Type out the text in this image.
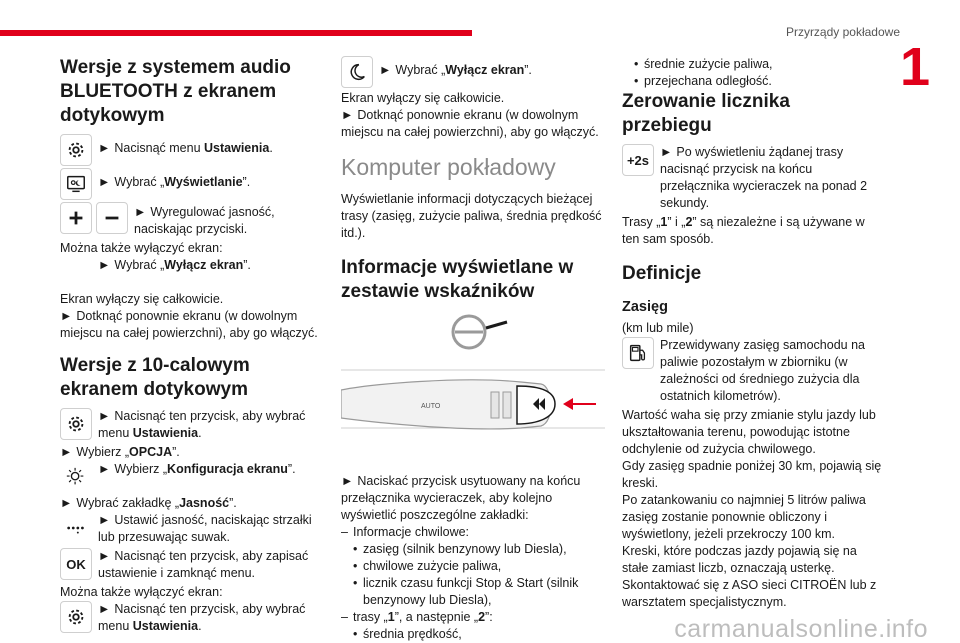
Przyrządy pokładowe
1
Wersje z systemem audio BLUETOOTH z ekranem dotykowym

► Nacisnąć menu Ustawienia.

► Wybrać „Wyświetlanie”.

► Wyregulować jasność, naciskając przyciski.

Można także wyłączyć ekran:

► Wybrać „Wyłącz ekran”.

Ekran wyłączy się całkowicie.
► Dotknąć ponownie ekranu (w dowolnym miejscu na całej powierzchni), aby go włączyć.

Wersje z 10-calowym ekranem dotykowym

► Nacisnąć ten przycisk, aby wybrać menu Ustawienia.

► Wybierz „OPCJA”.

► Wybierz „Konfiguracja ekranu”.

► Wybrać zakładkę „Jasność”.

► Ustawić jasność, naciskając strzałki lub przesuwając suwak.

OK

► Nacisnąć ten przycisk, aby zapisać ustawienie i zamknąć menu.

Można także wyłączyć ekran:

► Nacisnąć ten przycisk, aby wybrać menu Ustawienia.

► Wybrać „Wyłącz ekran”.

Ekran wyłączy się całkowicie.
► Dotknąć ponownie ekranu (w dowolnym miejscu na całej powierzchni), aby go włączyć.

Komputer pokładowy

Wyświetlanie informacji dotyczących bieżącej trasy (zasięg, zużycie paliwa, średnia prędkość itd.).

Informacje wyświetlane w zestawie wskaźników
AUTO

► Naciskać przycisk usytuowany na końcu przełącznika wycieraczek, aby kolejno wyświetlić poszczególne zakładki:

– Informacje chwilowe:

• zasięg (silnik benzynowy lub Diesla),
• chwilowe zużycie paliwa,
• licznik czasu funkcji Stop & Start (silnik benzynowy lub Diesla),

– trasy „1”, a następnie „2”:

• średnia prędkość,
• średnie zużycie paliwa,
• przejechana odległość.
Zerowanie licznika przebiegu
+2s

► Po wyświetleniu żądanej trasy nacisnąć przycisk na końcu przełącznika wycieraczek na ponad 2 sekundy.

Trasy „1” i „2” są niezależne i są używane w ten sam sposób.

Definicje
Zasięg

(km lub mile)

Przewidywany zasięg samochodu na paliwie pozostałym w zbiorniku (w zależności od średniego zużycia dla ostatnich kilometrów).

Wartość waha się przy zmianie stylu jazdy lub ukształtowania terenu, powodując istotne odchylenie od zużycia chwilowego.

Gdy zasięg spadnie poniżej 30 km, pojawią się kreski.

Po zatankowaniu co najmniej 5 litrów paliwa zasięg zostanie ponownie obliczony i wyświetlony, jeżeli przekroczy 100 km.

Kreski, które podczas jazdy pojawią się na stałe zamiast liczb, oznaczają usterkę.

Skontaktować się z ASO sieci CITROËN lub z warsztatem specjalistycznym.

carmanualsonline.info
